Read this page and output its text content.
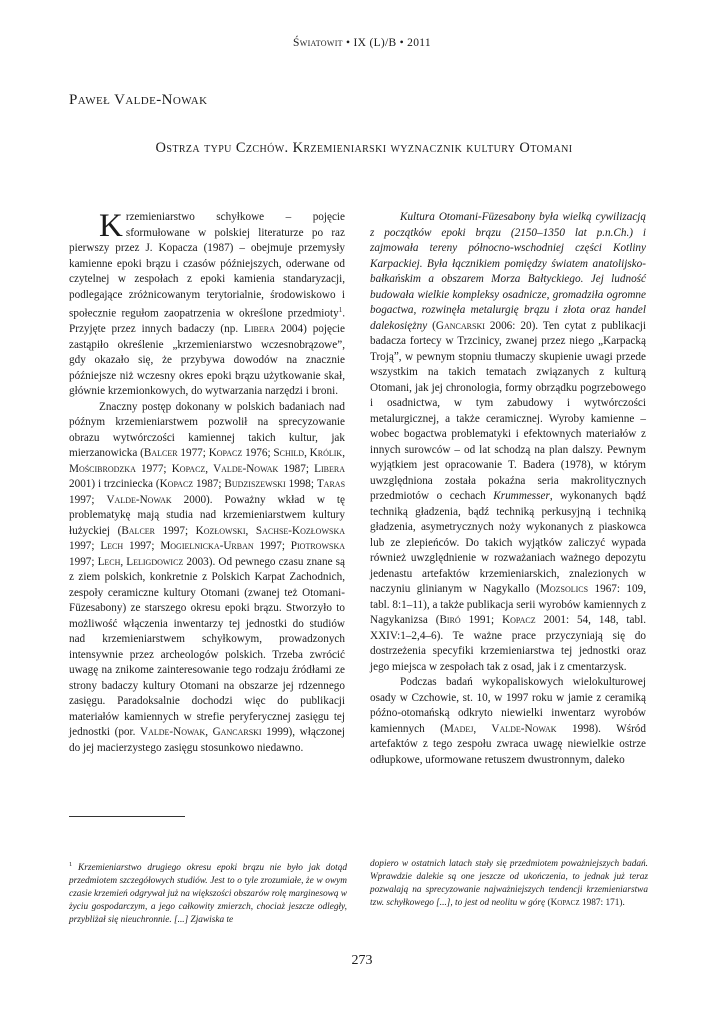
Światowit • IX (L)/B • 2011
Paweł Valde-Nowak
Ostrza typu Czchów. Krzemieniarski wyznacznik kultury Otomani

Krzemieniarstwo schyłkowe – pojęcie sformułowane w polskiej literaturze po raz pierwszy przez J. Kopacza (1987) – obejmuje przemysły kamienne epoki brązu i czasów późniejszych, oderwane od czytelnej w zespołach z epoki kamienia standaryzacji, podlegające zróżnicowanym terytorialnie, środowiskowo i społecznie regułom zaopatrzenia w określone przedmioty$^1$. Przyjęte przez innych badaczy (np. Libera 2004) pojęcie zastąpiło określenie „krzemieniarstwo wczesnobrązowe”, gdy okazało się, że przybywa dowodów na znacznie późniejsze niż wczesny okres epoki brązu użytkowanie skał, głównie krzemionkowych, do wytwarzania narzędzi i broni.

Znaczny postęp dokonany w polskich badaniach nad późnym krzemieniarstwem pozwolił na sprecyzowanie obrazu wytwórczości kamiennej takich kultur, jak mierzanowicka (Balcer 1977; Kopacz 1976; Schild, Królik, Mościbrodzka 1977; Kopacz, Valde-Nowak 1987; Libera 2001) i trzciniecka (Kopacz 1987; Budziszewski 1998; Taras 1997; Valde-Nowak 2000). Poważny wkład w tę problematykę mają studia nad krzemieniarstwem kultury łużyckiej (Balcer 1997; Kozłowski, Sachse-Kozłowska 1997; Lech 1997; Mogielnicka-Urban 1997; Piotrowska 1997; Lech, Leligdowicz 2003). Od pewnego czasu znane są z ziem polskich, konkretnie z Polskich Karpat Zachodnich, zespoły ceramiczne kultury Otomani (zwanej też Otomani-Füzesabony) ze starszego okresu epoki brązu. Stworzyło to możliwość włączenia inwentarzy tej jednostki do studiów nad krzemieniarstwem schyłkowym, prowadzonych intensywnie przez archeologów polskich. Trzeba zwrócić uwagę na znikome zainteresowanie tego rodzaju źródłami ze strony badaczy kultury Otomani na obszarze jej rdzennego zasięgu. Paradoksalnie dochodzi więc do publikacji materiałów kamiennych w strefie peryferycznej zasięgu tej jednostki (por. Valde-Nowak, Gancarski 1999), włączonej do jej macierzystego zasięgu stosunkowo niedawno.

Kultura Otomani-Füzesabony była wielką cywilizacją z początków epoki brązu (2150–1350 lat p.n.Ch.) i zajmowała tereny północno-wschodniej części Kotliny Karpackiej. Była łącznikiem pomiędzy światem anatolijsko-bałkańskim a obszarem Morza Bałtyckiego. Jej ludność budowała wielkie kompleksy osadnicze, gromadziła ogromne bogactwa, rozwinęła metalurgię brązu i złota oraz handel dalekosiężny (Gancarski 2006: 20). Ten cytat z publikacji badacza fortecy w Trzcinicy, zwanej przez niego „Karpacką Trojąˮ, w pewnym stopniu tłumaczy skupienie uwagi przede wszystkim na takich tematach związanych z kulturą Otomani, jak jej chronologia, formy obrządku pogrzebowego i osadnictwa, w tym zabudowy i wytwórczości metalurgicznej, a także ceramicznej. Wyroby kamienne – wobec bogactwa problematyki i efektownych materiałów z innych surowców – od lat schodzą na plan dalszy. Pewnym wyjątkiem jest opracowanie T. Badera (1978), w którym uwzględniona została pokaźna seria makrolitycznych przedmiotów o cechach Krummesser, wykonanych bądź techniką gładzenia, bądź techniką perkusyjną i techniką gładzenia, asymetrycznych noży wykonanych z piaskowca lub ze zlepieńców. Do takich wyjątków zaliczyć wypada również uwzględnienie w rozważaniach ważnego depozytu jedenastu artefaktów krzemieniarskich, znalezionych w naczyniu glinianym w Nagykallo (Mozsolics 1967: 109, tabl. 8:1–11), a także publikacja serii wyrobów kamiennych z Nagykanizsa (Biró 1991; Kopacz 2001: 54, 148, tabl. XXIV:1–2,4–6). Te ważne prace przyczyniają się do dostrzeżenia specyfiki krzemieniarstwa tej jednostki oraz jego miejsca w zespołach tak z osad, jak i z cmentarzysk.

Podczas badań wykopaliskowych wielokulturowej osady w Czchowie, st. 10, w 1997 roku w jamie z ceramiką późno-otomańską odkryto niewielki inwentarz wyrobów kamiennych (Madej, Valde-Nowak 1998). Wśród artefaktów z tego zespołu zwraca uwagę niewielkie ostrze odłupkowe, uformowane retuszem dwustronnym, daleko

$^1$ Krzemieniarstwo drugiego okresu epoki brązu nie było jak dotąd przedmiotem szczegółowych studiów. Jest to o tyle zrozumiałe, że w owym czasie krzemień odgrywał już na większości obszarów rolę marginesową w życiu gospodarczym, a jego całkowity zmierzch, chociaż jeszcze odległy, przybliżał się nieuchronnie. [...] Zjawiska te
dopiero w ostatnich latach stały się przedmiotem poważniejszych badań. Wprawdzie dalekie są one jeszcze od ukończenia, to jednak już teraz pozwalają na sprecyzowanie najważniejszych tendencji krzemieniarstwa tzw. schyłkowego [...], to jest od neolitu w górę (Kopacz 1987: 171).
273
